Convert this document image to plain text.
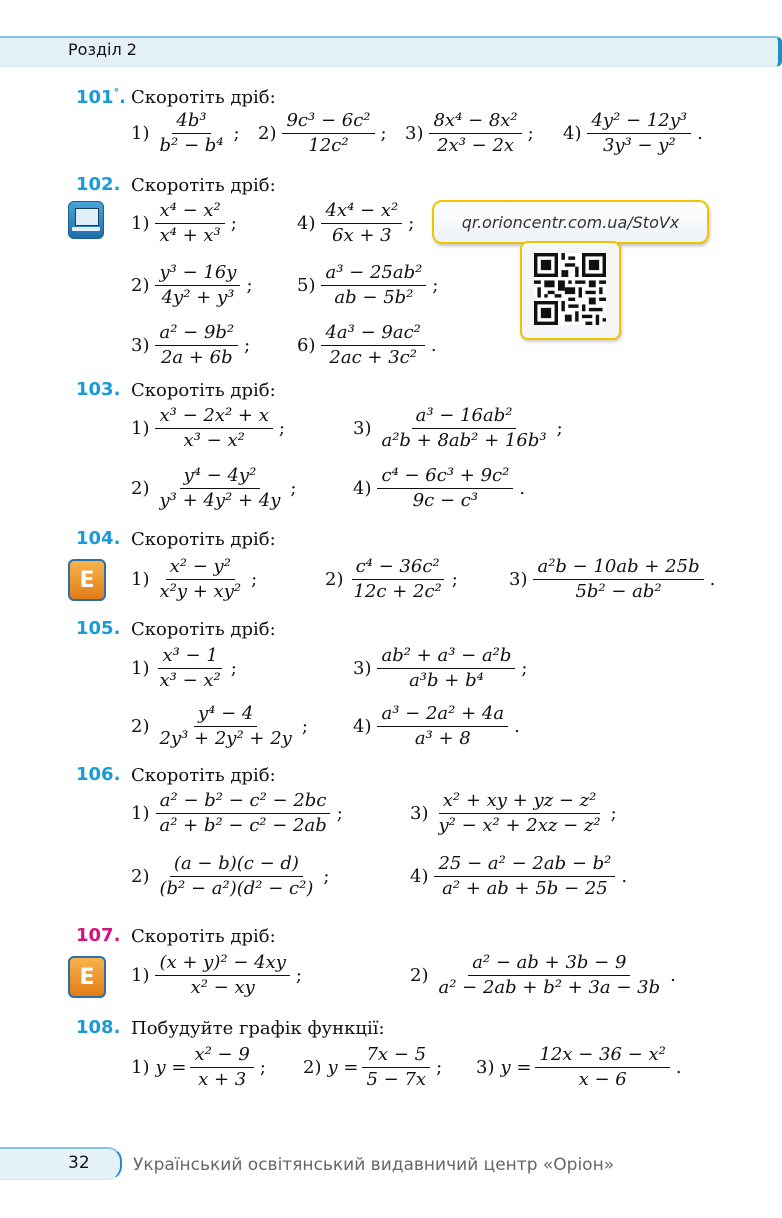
Розділ 2
101°. Скоротіть дріб:
$1) \frac{\text{4b³}}{\text{b² − b⁴}}$ ; $2) \frac{\text{9c³ − 6c²}}{\text{12c²}}$ ; $3) \frac{\text{8x⁴ − 8x²}}{\text{2x³ − 2x}}$ ; $4) \frac{\text{4y² − 12y³}}{\text{3y³ − y²}}$ .
102. Скоротіть дріб:
$1) \frac{\text{x⁴ − x²}}{\text{x⁴ + x³}}$ ;	$4) \frac{\text{4x⁴ − x²}}{6x + 3}$ ;
$2) \frac{\text{y³ − 16y}}{\text{4y² + y³}}$ ; $5) \frac{\text{a³ − 25ab²}}{\text{ab − 5b²}}$ ;
$3) \frac{\text{a² − 9b²}}{2a + 6b}$ ;	$6) \frac{\text{4a³ − 9ac²}}{\text{2ac + 3c²}}$ .
qr.orioncentr.com.ua/StoVx
103. Скоротіть дріб:
$1) \frac{\text{x³ − 2x² + x}}{\text{x³ − x²}}$ ;	$3) \frac{\text{a³ − 16ab²}}{\text{a²b + 8ab² + 16b³}}$ ;
$2) \frac{\text{y⁴ − 4y²}}{\text{y³ + 4y² + 4y}}$ ;	$4) \frac{\text{c⁴ − 6c³ + 9c²}}{\text{9c − c³}}$ .
104. Скоротіть дріб:
Е	$1) \frac{\text{x² − y²}}{\text{x²y + xy²}}$ ;	$2) \frac{\text{c⁴ − 36c²}}{\text{12c + 2c²}}$ ;	$3) \frac{\text{a²b − 10ab + 25b}}{\text{5b² − ab²}}$ .
105. Скоротіть дріб:
$1) \frac{\text{x³ − 1}}{\text{x³ − x²}}$ ;	$3) \frac{\text{ab² + a³ − a²b}}{\text{a³b + b⁴}}$ ;
$2) \frac{\text{y⁴ − 4}}{\text{2y³ + 2y² + 2y}}$ ;	$4) \frac{\text{a³ − 2a² + 4a}}{\text{a³ + 8}}$ .
106. Скоротіть дріб:
$1) \frac{\text{a² − b² − c² − 2bc}}{\text{a² + b² − c² − 2ab}}$ ;	$3) \frac{\text{x² + xy + yz − z²}}{\text{y² − x² + 2xz − z²}}$ ;
$2) \frac{(a - b)(c - d)}{\text{(b² − a²)(d² − c²)}}$ ;	$4) \frac{\text{25 − a² − 2ab − b²}}{\text{a² + ab + 5b − 25}}$ .
107. Скоротіть дріб:
Е	$1) \frac{\text{(x + y)² − 4xy}}{\text{x² − xy}}$ ;	$2) \frac{\text{a² − ab + 3b − 9}}{\text{a² − 2ab + b² + 3a − 3b}}$ .
108. Побудуйте графік функції:
1) $y = \frac{\text{x² − 9}}{x + 3}$ ; 2) $y = \frac{7x - 5}{5 - 7x}$ ; 3) $y = \frac{\text{12x − 36 − x²}}{x - 6}$ .
32	Український освітянський видавничий центр «Оріон»
